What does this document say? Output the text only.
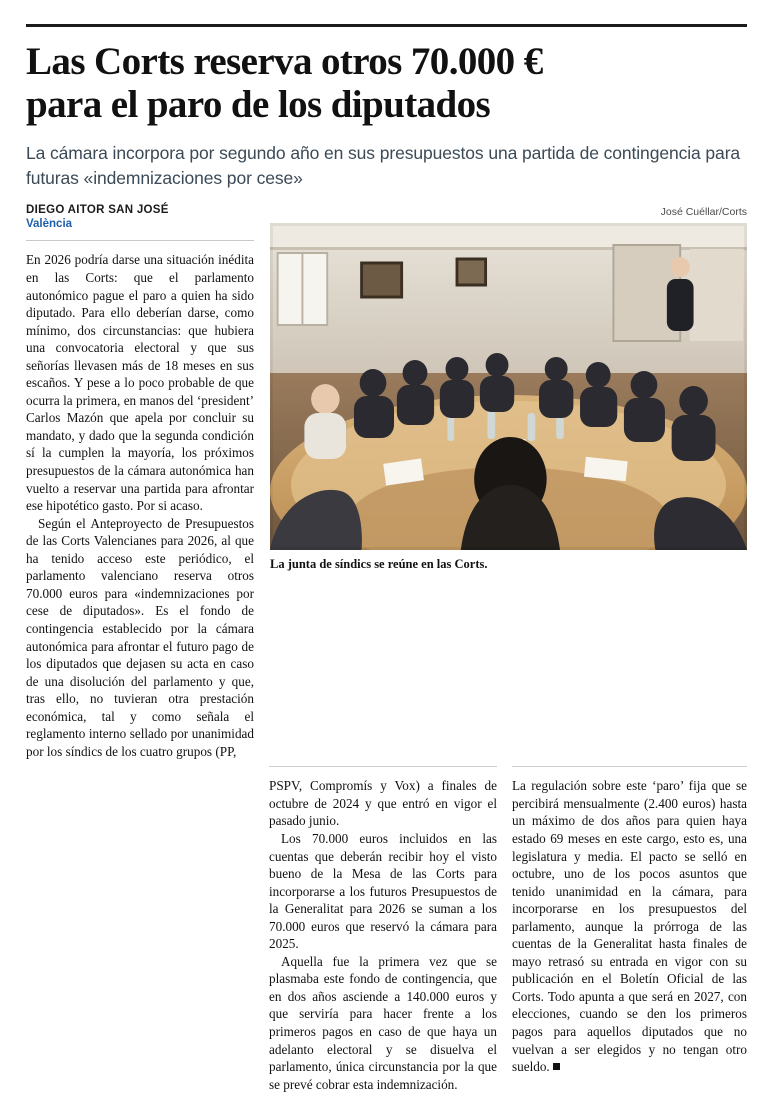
Las Corts reserva otros 70.000 €
para el paro de los diputados
La cámara incorpora por segundo año en sus presupuestos una partida de contingencia para futuras «indemnizaciones por cese»
DIEGO AITOR SAN JOSÉ
València

En 2026 podría darse una situación inédita en las Corts: que el parlamento autonómico pague el paro a quien ha sido diputado. Para ello deberían darse, como mínimo, dos circunstancias: que hubiera una convocatoria electoral y que sus señorías llevasen más de 18 meses en sus escaños. Y pese a lo poco probable de que ocurra la primera, en manos del ‘president’ Carlos Mazón que apela por concluir su mandato, y dado que la segunda condición sí la cumplen la mayoría, los próximos presupuestos de la cámara autonómica han vuelto a reservar una partida para afrontar ese hipotético gasto. Por si acaso.

Según el Anteproyecto de Presupuestos de las Corts Valencianes para 2026, al que ha tenido acceso este periódico, el parlamento valenciano reserva otros 70.000 euros para «indemnizaciones por cese de diputados». Es el fondo de contingencia establecido por la cámara autonómica para afrontar el futuro pago de los diputados que dejasen su acta en caso de una disolución del parlamento y que, tras ello, no tuvieran otra prestación económica, tal y como señala el reglamento interno sellado por unanimidad por los síndics de los cuatro grupos (PP,

José Cuéllar/Corts
La junta de síndics se reúne en las Corts.

PSPV, Compromís y Vox) a finales de octubre de 2024 y que entró en vigor el pasado junio.

Los 70.000 euros incluidos en las cuentas que deberán recibir hoy el visto bueno de la Mesa de las Corts para incorporarse a los futuros Presupuestos de la Generalitat para 2026 se suman a los 70.000 euros que reservó la cámara para 2025.

Aquella fue la primera vez que se plasmaba este fondo de contingencia, que en dos años asciende a 140.000 euros y que serviría para hacer frente a los primeros pagos en caso de que haya un adelanto electoral y se disuelva el parlamento, única circunstancia por la que se prevé cobrar esta indemnización.

La regulación sobre este ‘paro’ fija que se percibirá mensualmente (2.400 euros) hasta un máximo de dos años para quien haya estado 69 meses en este cargo, esto es, una legislatura y media. El pacto se selló en octubre, uno de los pocos asuntos que tenido unanimidad en la cámara, para incorporarse en los presupuestos del parlamento, aunque la prórroga de las cuentas de la Generalitat hasta finales de mayo retrasó su entrada en vigor con su publicación en el Boletín Oficial de las Corts. Todo apunta a que será en 2027, con elecciones, cuando se den los primeros pagos para aquellos diputados que no vuelvan a ser elegidos y no tengan otro sueldo.
